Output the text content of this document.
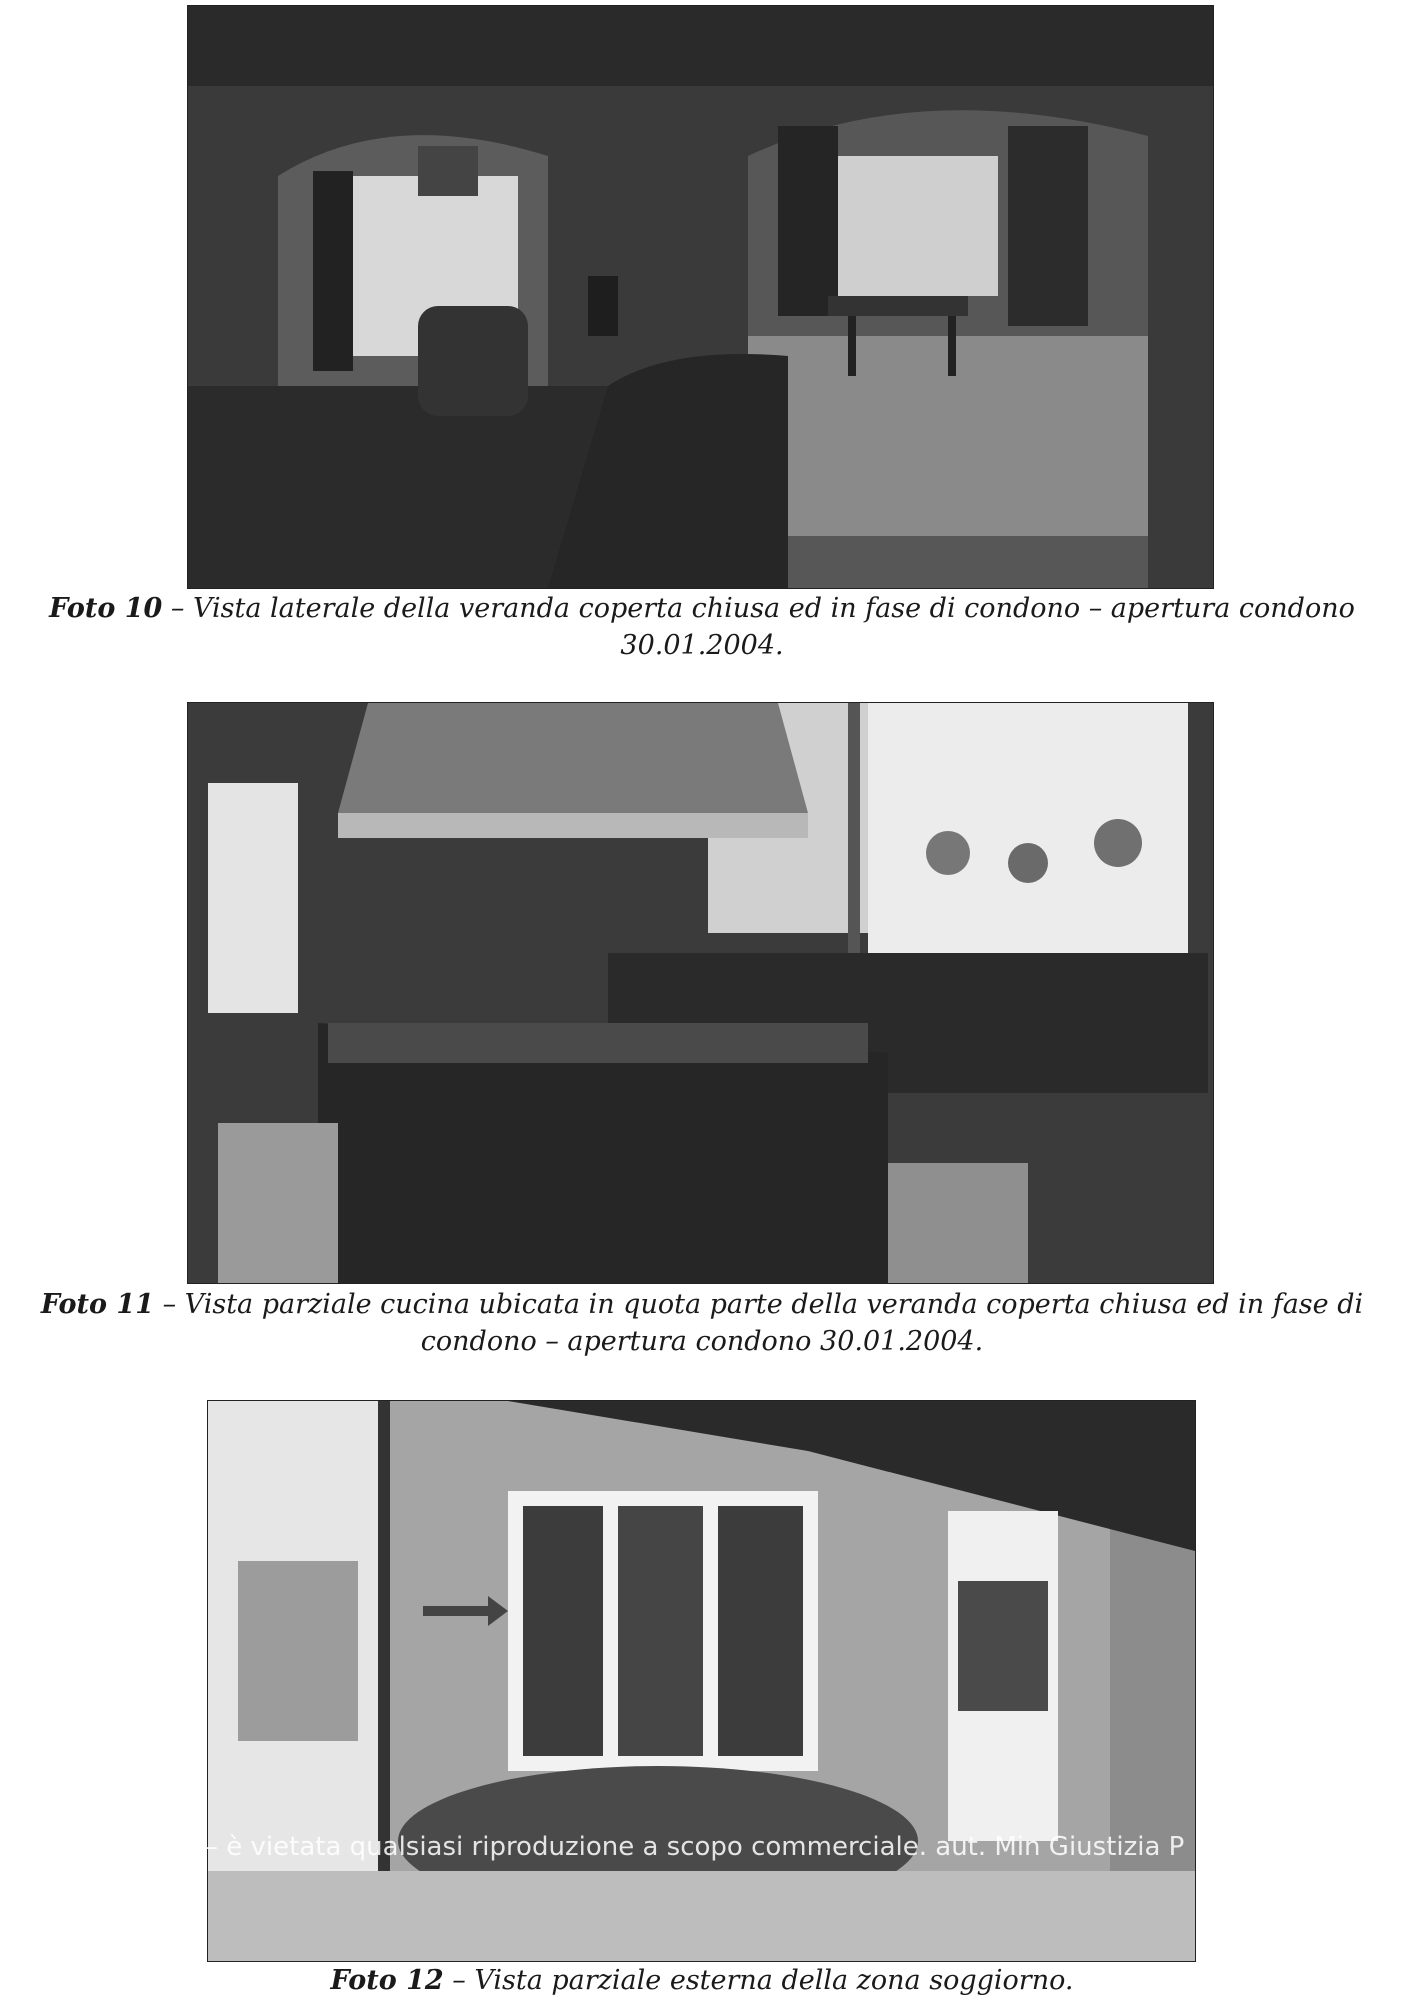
Foto 10 – Vista laterale della veranda coperta chiusa ed in fase di condono – apertura condono 30.01.2004.
Foto 11 – Vista parziale cucina ubicata in quota parte della veranda coperta chiusa ed in fase di condono – apertura condono 30.01.2004.
– è vietata qualsiasi riproduzione a scopo commerciale. aut. Min Giustizia P
Foto 12 – Vista parziale esterna della zona soggiorno.
